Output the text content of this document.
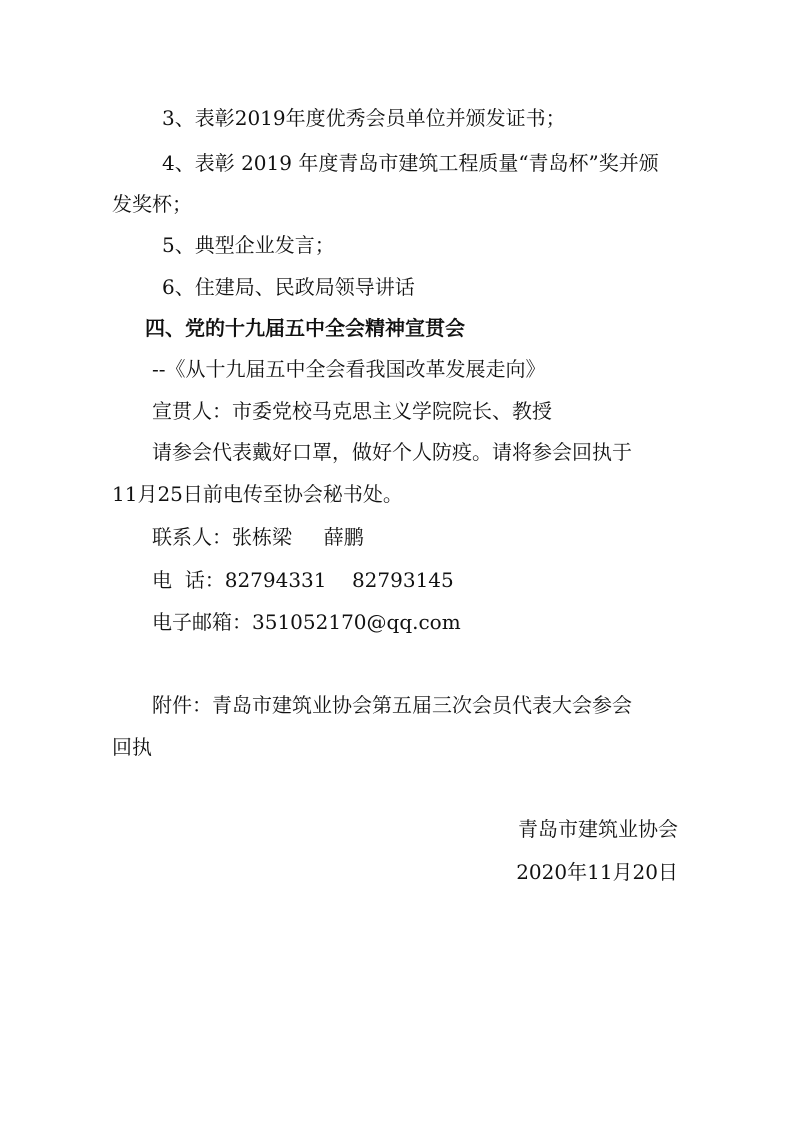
3、表彰2019年度优秀会员单位并颁发证书；

4、表彰 2019 年度青岛市建筑工程质量“青岛杯”奖并颁

发奖杯；

5、典型企业发言；

6、住建局、民政局领导讲话

四、党的十九届五中全会精神宣贯会

--《从十九届五中全会看我国改革发展走向》

宣贯人：市委党校马克思主义学院院长、教授

请参会代表戴好口罩，做好个人防疫。请将参会回执于

11月25日前电传至协会秘书处。

联系人：张栋梁     薛鹏

电  话：82794331    82793145

电子邮箱：351052170@qq.com

附件：青岛市建筑业协会第五届三次会员代表大会参会

回执

青岛市建筑业协会

2020年11月20日
